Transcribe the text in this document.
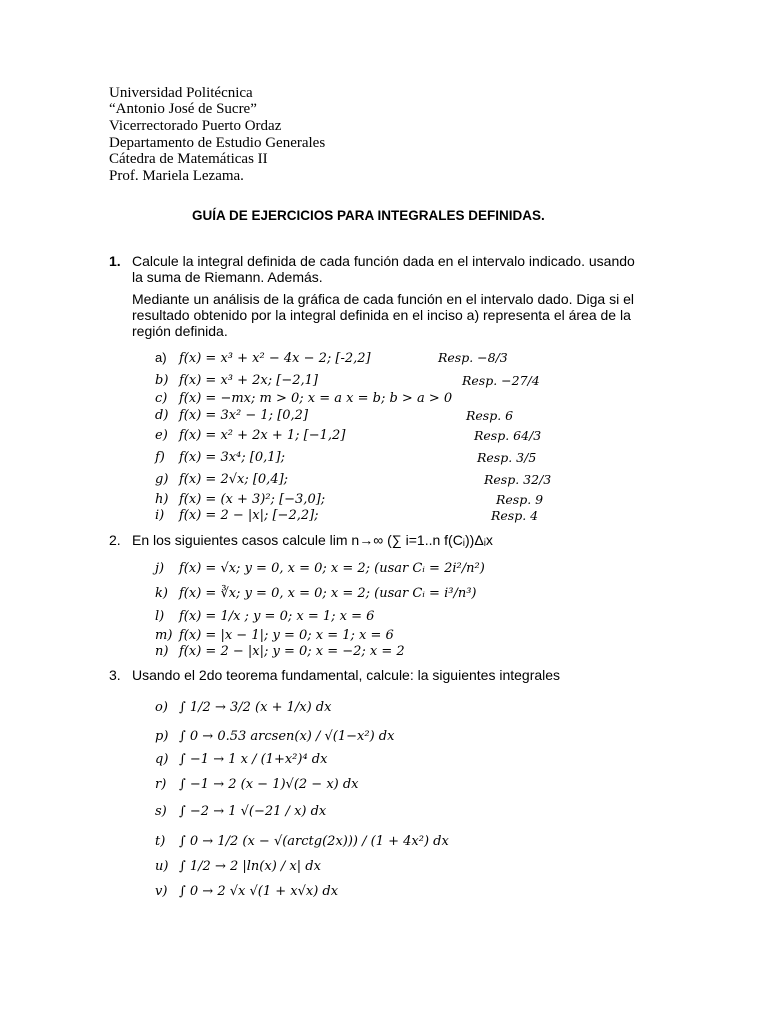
Universidad Politécnica
“Antonio José de Sucre”
Vicerrectorado Puerto Ordaz
Departamento de Estudio Generales
Cátedra de Matemáticas II
Prof. Mariela Lezama.
GUÍA DE EJERCICIOS PARA INTEGRALES DEFINIDAS.
1. Calcule la integral definida de cada función dada en el intervalo indicado. usando
la suma de Riemann. Además.
Mediante un análisis de la gráfica de cada función en el intervalo dado. Diga si el
resultado obtenido por la integral definida en el inciso a) representa el área de la
región definida.
a) f(x) = x³ + x² − 4x − 2; [-2,2]	Resp. −8/3
b) f(x) = x³ + 2x; [−2,1]	Resp. −27/4
c) f(x) = −mx; m > 0; x = a x = b; b > a > 0
d) f(x) = 3x² − 1; [0,2]	Resp. 6
e) f(x) = x² + 2x + 1; [−1,2]	Resp. 64/3
f) f(x) = 3x⁴; [0,1];	Resp. 3/5
g) f(x) = 2√x; [0,4];	Resp. 32/3
h) f(x) = (x + 3)²; [−3,0];	Resp. 9
i) f(x) = 2 − |x|; [−2,2];	Resp. 4
2. En los siguientes casos calcule lim n→∞ (∑ i=1..n f(Cᵢ))Δᵢx
j) f(x) = √x; y = 0, x = 0; x = 2; (usar Cᵢ = 2i²/n²)
k) f(x) = ∛x; y = 0, x = 0; x = 2; (usar Cᵢ = i³/n³)
l) f(x) = 1/x ; y = 0; x = 1; x = 6
m) f(x) = |x − 1|; y = 0; x = 1; x = 6
n) f(x) = 2 − |x|; y = 0; x = −2; x = 2
3. Usando el 2do teorema fundamental, calcule: la siguientes integrales
o) ∫ 1/2 → 3/2 (x + 1/x) dx
p) ∫ 0 → 0.53 arcsen(x) / √(1−x²) dx
q) ∫ −1 → 1 x / (1+x²)⁴ dx
r) ∫ −1 → 2 (x − 1)√(2 − x) dx
s) ∫ −2 → 1 √(−21 / x) dx
t) ∫ 0 → 1/2 (x − √(arctg(2x))) / (1 + 4x²) dx
u) ∫ 1/2 → 2 |ln(x) / x| dx
v) ∫ 0 → 2 √x √(1 + x√x) dx
